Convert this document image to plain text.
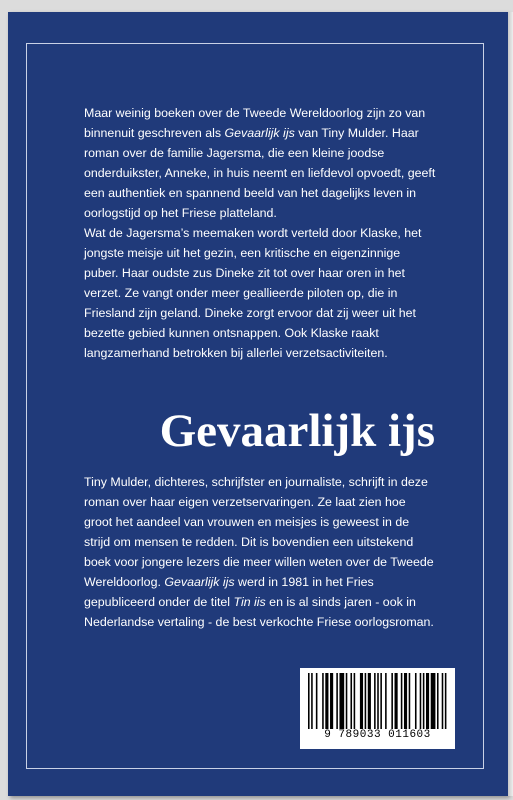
Maar weinig boeken over de Tweede Wereldoorlog zijn zo van binnenuit geschreven als Gevaarlijk ijs van Tiny Mulder. Haar roman over de familie Jagersma, die een kleine joodse onderduikster, Anneke, in huis neemt en liefdevol opvoedt, geeft een authentiek en spannend beeld van het dagelijks leven in oorlogstijd op het Friese platteland.
Wat de Jagersma’s meemaken wordt verteld door Klaske, het jongste meisje uit het gezin, een kritische en eigenzinnige puber. Haar oudste zus Dineke zit tot over haar oren in het verzet. Ze vangt onder meer geallieerde piloten op, die in Friesland zijn geland. Dineke zorgt ervoor dat zij weer uit het bezette gebied kunnen ontsnappen. Ook Klaske raakt langzamerhand betrokken bij allerlei verzetsactiviteiten.

Gevaarlijk ijs

Tiny Mulder, dichteres, schrijfster en journaliste, schrijft in deze roman over haar eigen verzetservaringen. Ze laat zien hoe groot het aandeel van vrouwen en meisjes is geweest in de strijd om mensen te redden. Dit is bovendien een uitstekend boek voor jongere lezers die meer willen weten over de Tweede Wereldoorlog. Gevaarlijk ijs werd in 1981 in het Fries gepubliceerd onder de titel Tin iis en is al sinds jaren - ook in Nederlandse vertaling - de best verkochte Friese oorlogsroman.

9 789033 011603
